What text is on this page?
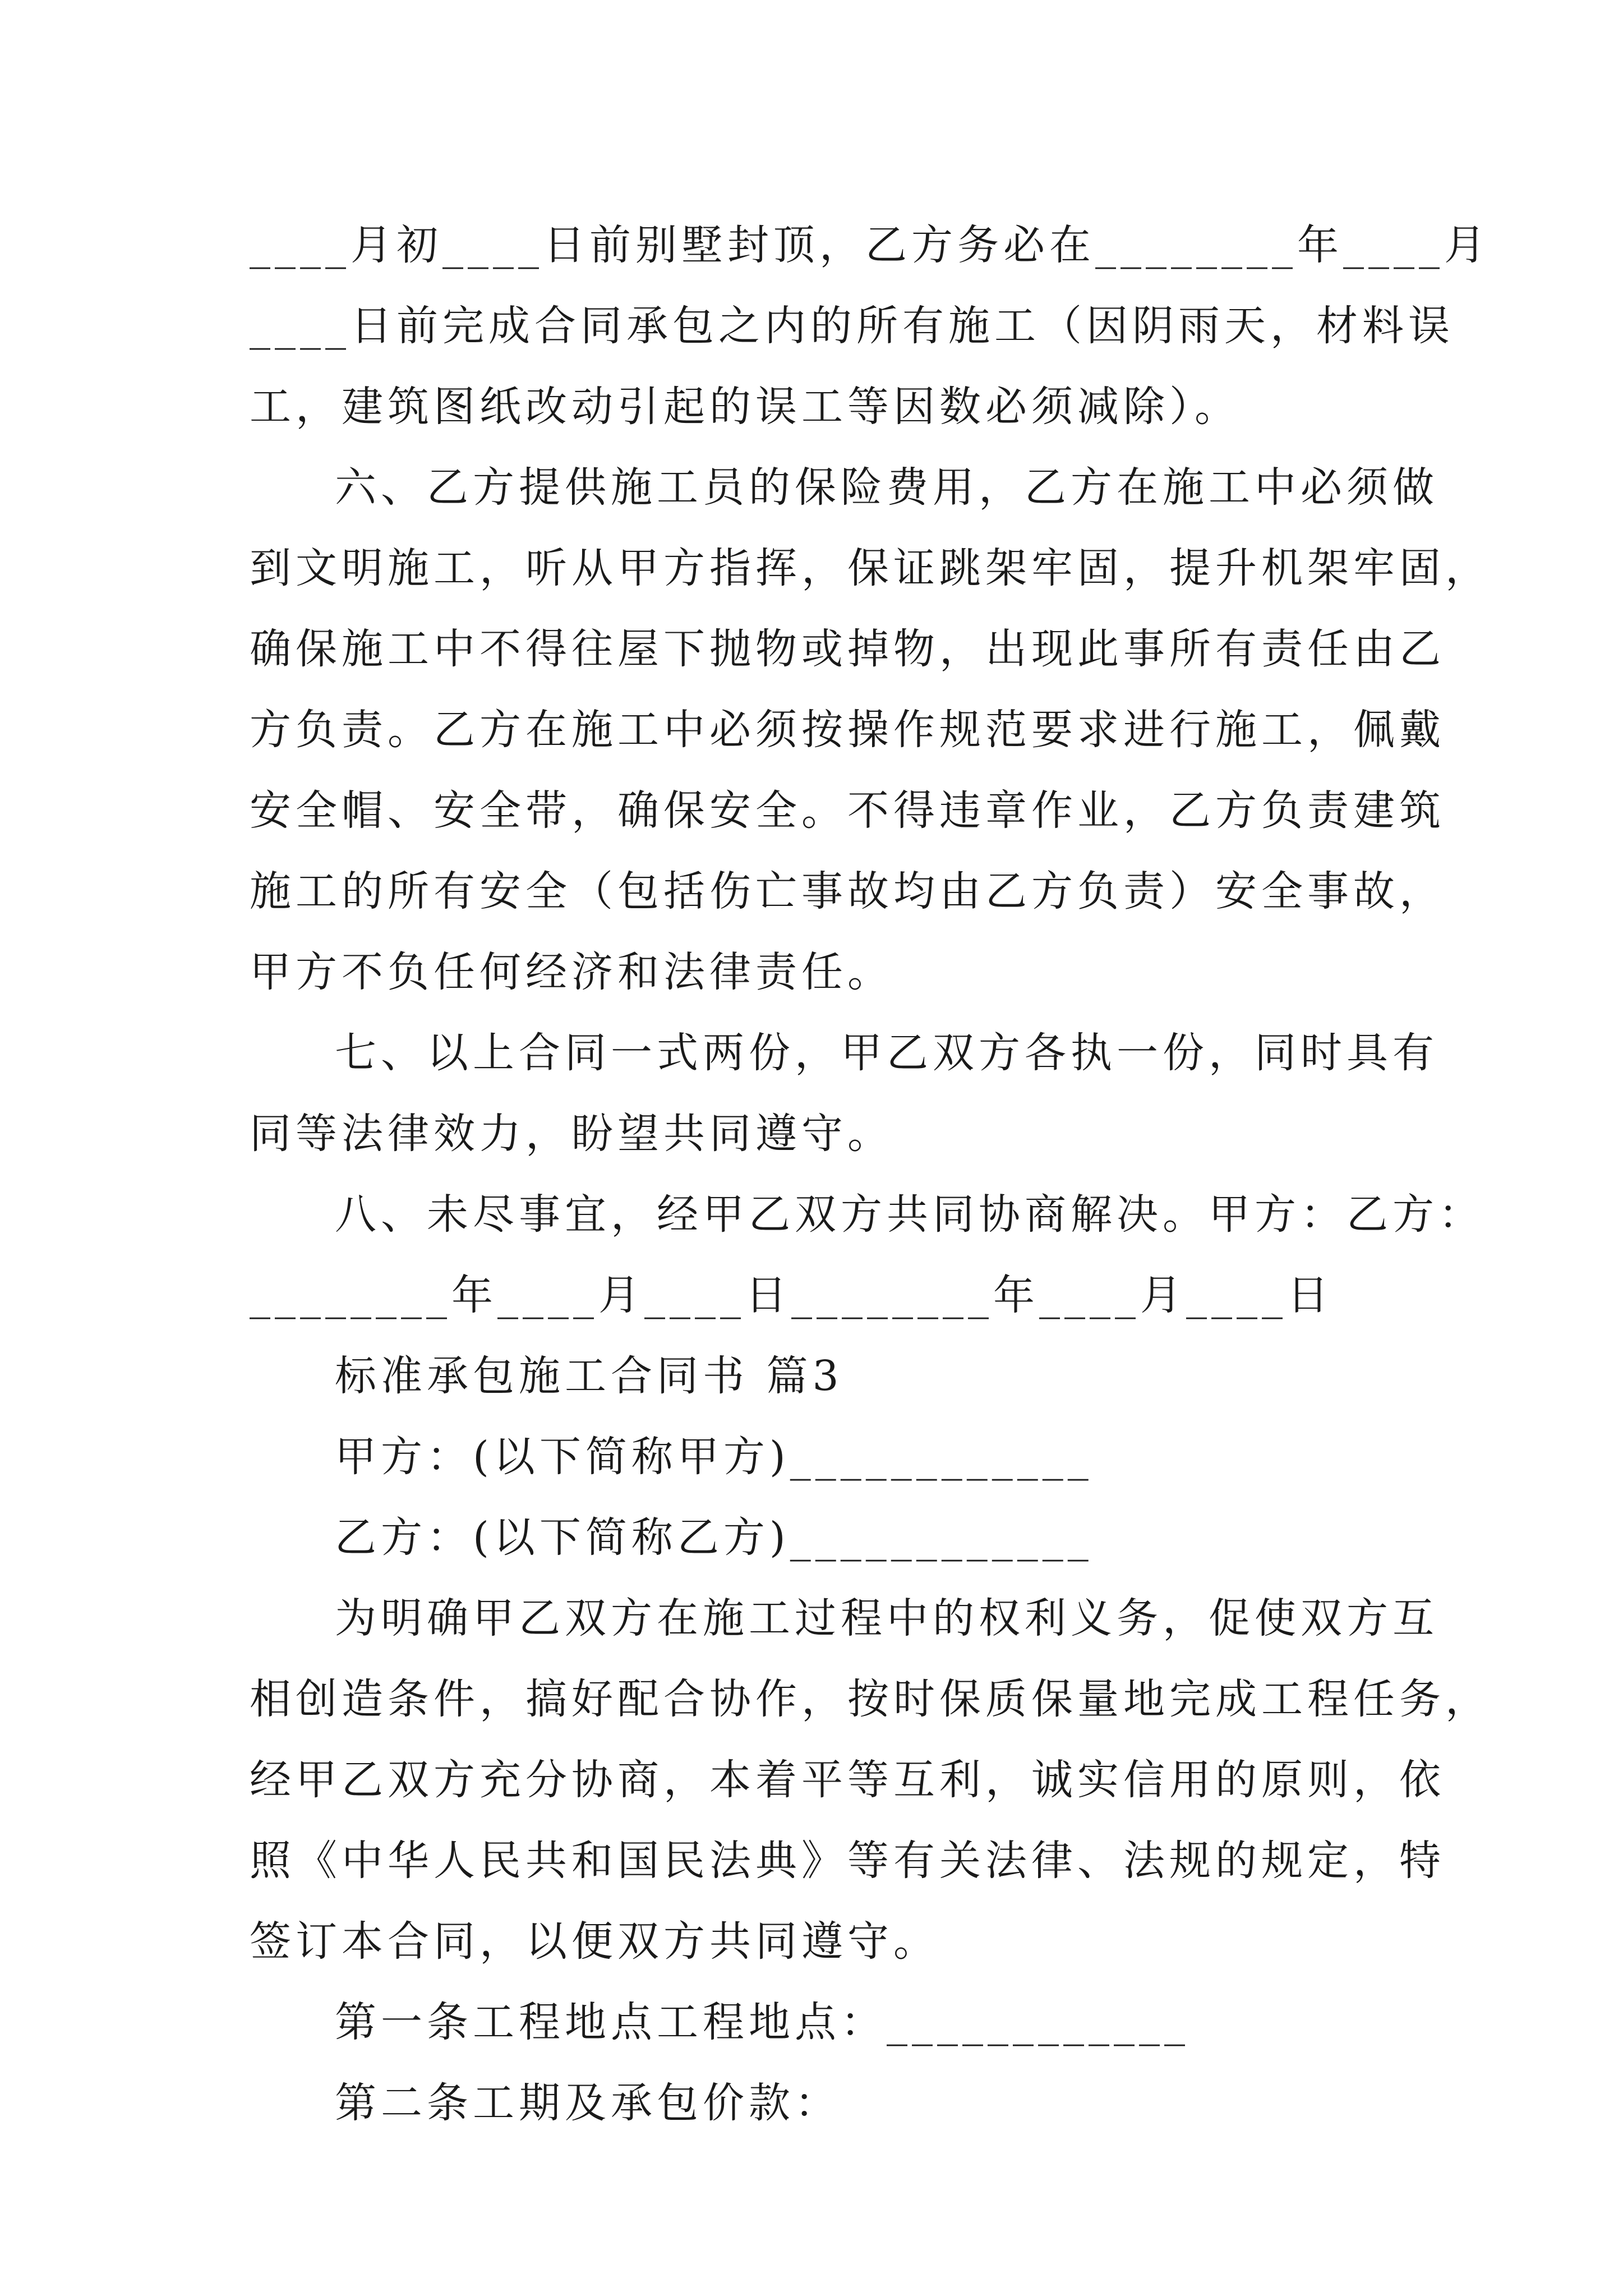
____月初____日前别墅封顶，乙方务必在________年____月
____日前完成合同承包之内的所有施工（因阴雨天，材料误
工，建筑图纸改动引起的误工等因数必须减除）。
六、乙方提供施工员的保险费用，乙方在施工中必须做
到文明施工，听从甲方指挥，保证跳架牢固，提升机架牢固，
确保施工中不得往屋下抛物或掉物，出现此事所有责任由乙
方负责。乙方在施工中必须按操作规范要求进行施工，佩戴
安全帽、安全带，确保安全。不得违章作业，乙方负责建筑
施工的所有安全（包括伤亡事故均由乙方负责）安全事故，
甲方不负任何经济和法律责任。
七、以上合同一式两份，甲乙双方各执一份，同时具有
同等法律效力，盼望共同遵守。
八、未尽事宜，经甲乙双方共同协商解决。甲方：乙方：
________年____月____日________年____月____日
标准承包施工合同书 篇3
甲方：(以下简称甲方)____________
乙方：(以下简称乙方)____________
为明确甲乙双方在施工过程中的权利义务，促使双方互
相创造条件，搞好配合协作，按时保质保量地完成工程任务，
经甲乙双方充分协商，本着平等互利，诚实信用的原则，依
照《中华人民共和国民法典》等有关法律、法规的规定，特
签订本合同，以便双方共同遵守。
第一条工程地点工程地点：____________
第二条工期及承包价款：
